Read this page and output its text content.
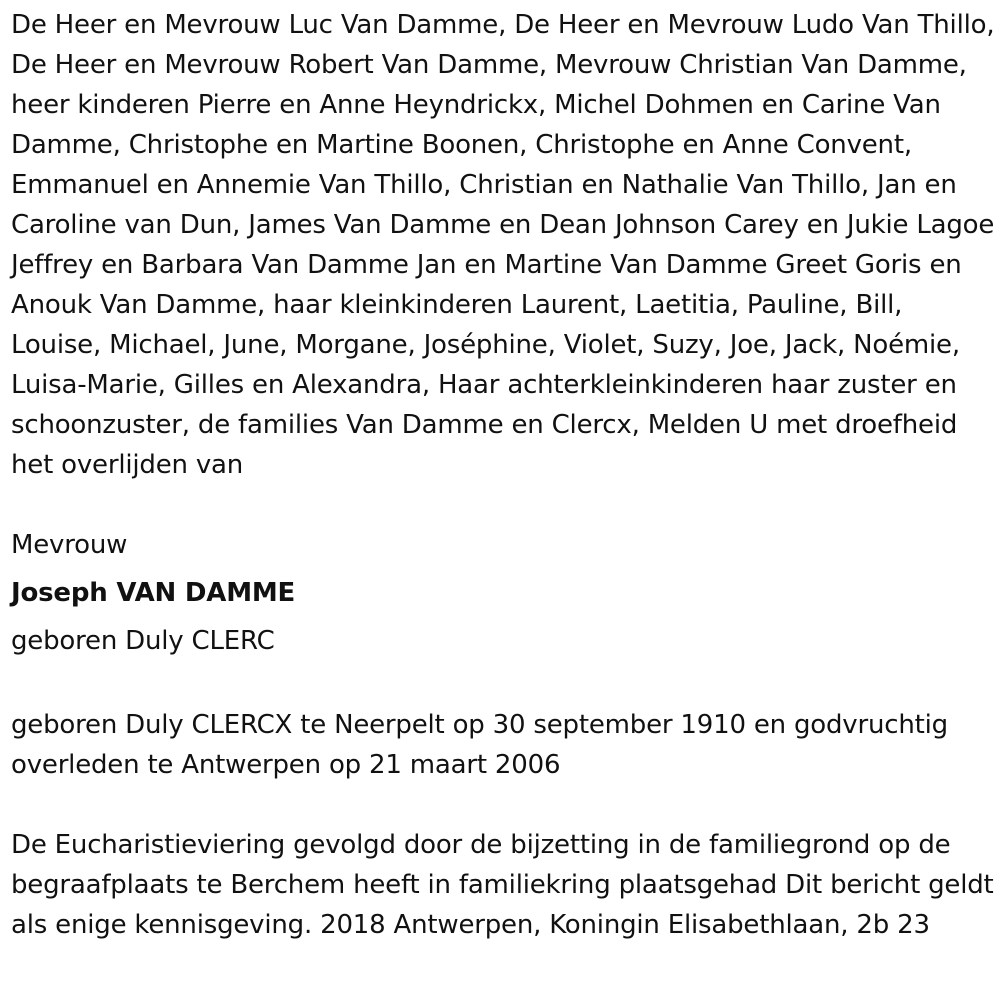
De Heer en Mevrouw Luc Van Damme, De Heer en Mevrouw Ludo Van Thillo, De Heer en Mevrouw Robert Van Damme, Mevrouw Christian Van Damme, heer kinderen Pierre en Anne Heyndrickx, Michel Dohmen en Carine Van Damme, Christophe en Martine Boonen, Christophe en Anne Convent, Emmanuel en Annemie Van Thillo, Christian en Nathalie Van Thillo, Jan en Caroline van Dun, James Van Damme en Dean Johnson Carey en Jukie Lagoe Jeffrey en Barbara Van Damme Jan en Martine Van Damme Greet Goris en Anouk Van Damme, haar kleinkinderen Laurent, Laetitia, Pauline, Bill, Louise, Michael, June, Morgane, Joséphine, Violet, Suzy, Joe, Jack, Noémie, Luisa-Marie, Gilles en Alexandra, Haar achterkleinkinderen haar zuster en schoonzuster, de families Van Damme en Clercx, Melden U met droefheid het overlijden van

Mevrouw

Joseph VAN DAMME

geboren Duly CLERC

geboren Duly CLERCX te Neerpelt op 30 september 1910 en godvruchtig overleden te Antwerpen op 21 maart 2006

De Eucharistieviering gevolgd door de bijzetting in de familiegrond op de begraafplaats te Berchem heeft in familiekring plaatsgehad Dit bericht geldt als enige kennisgeving. 2018 Antwerpen, Koningin Elisabethlaan, 2b 23
